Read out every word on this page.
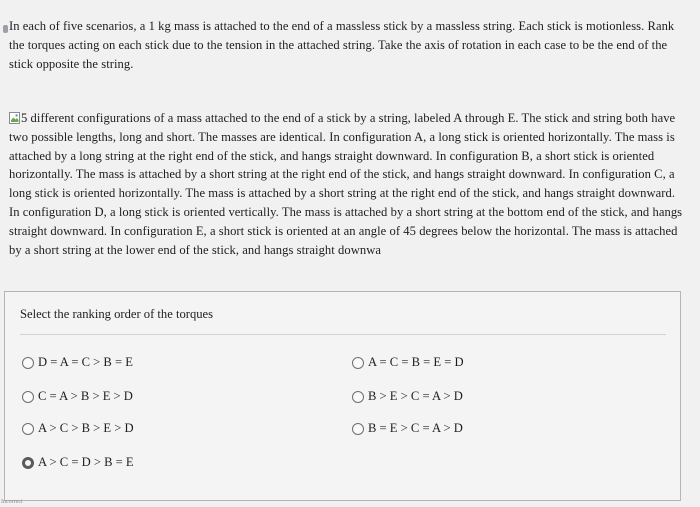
In each of five scenarios, a 1 kg mass is attached to the end of a massless stick by a massless string. Each stick is motionless. Rank the torques acting on each stick due to the tension in the attached string. Take the axis of rotation in each case to be the end of the stick opposite the string.
5 different configurations of a mass attached to the end of a stick by a string, labeled A through E. The stick and string both have two possible lengths, long and short. The masses are identical. In configuration A, a long stick is oriented horizontally. The mass is attached by a long string at the right end of the stick, and hangs straight downward. In configuration B, a short stick is oriented horizontally. The mass is attached by a short string at the right end of the stick, and hangs straight downward. In configuration C, a long stick is oriented horizontally. The mass is attached by a short string at the right end of the stick, and hangs straight downward. In configuration D, a long stick is oriented vertically. The mass is attached by a short string at the bottom end of the stick, and hangs straight downward. In configuration E, a short stick is oriented at an angle of 45 degrees below the horizontal. The mass is attached by a short string at the lower end of the stick, and hangs straight downwa
Select the ranking order of the torques
D = A = C > B = E
C = A > B > E > D
A > C > B > E > D
A > C = D > B = E
A = C = B = E = D
B > E > C = A > D
B = E > C = A > D
Incorrect
